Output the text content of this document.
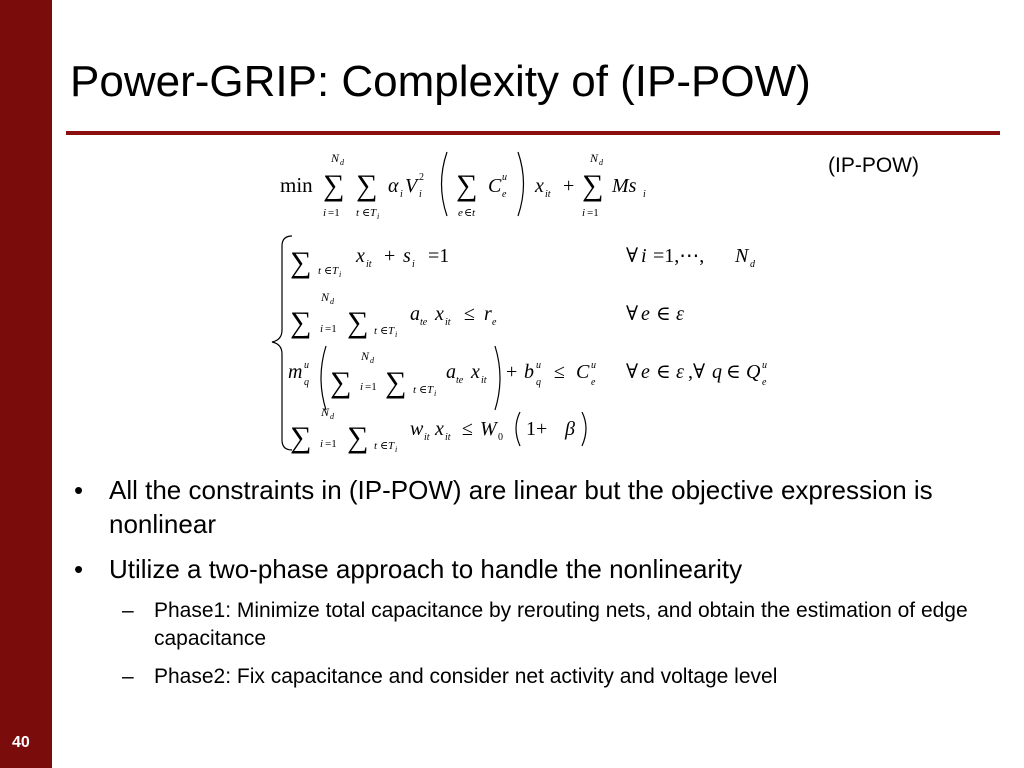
40
Power-GRIP: Complexity of (IP-POW)
(IP-POW)
min ∑
N d
i =1
∑
t ∈ T i
α i V 2
i ∑
e ∈ t
C u
e x it + ∑
N d
i =1
Ms i
∑ t ∈ T i
x it + s i =1	∀ i =1,⋯, N d
∑
N d
i =1 ∑ t ∈ T i
a te x it ≤ r e	∀ e ∈ ε
m u
q ∑
N d
i =1 ∑ t ∈ T i
a te x it + b u
q ≤ C u
e ∀ e ∈ ε ,∀ q ∈ Q u
e
∑
N d
i =1 ∑ t ∈ T i
w it x it ≤ W 0 1+ β
• All the constraints in (IP-POW) are linear but the objective expression is nonlinear
• Utilize a two-phase approach to handle the nonlinearity
– Phase1: Minimize total capacitance by rerouting nets, and obtain the estimation of edge capacitance
– Phase2: Fix capacitance and consider net activity and voltage level
